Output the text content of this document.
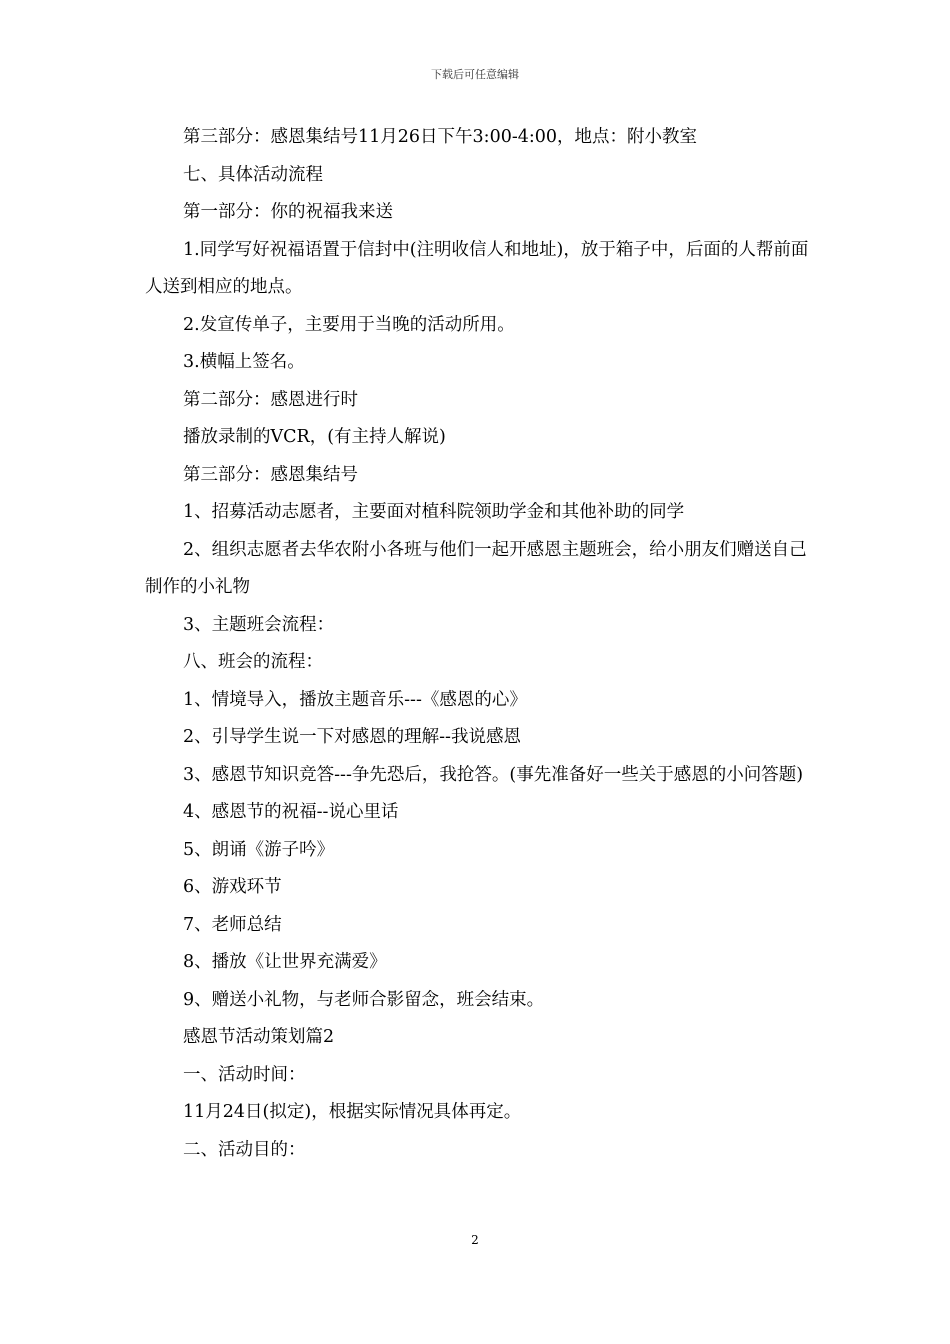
下载后可任意编辑

第三部分：感恩集结号11月26日下午3:00-4:00，地点：附小教室

七、具体活动流程

第一部分：你的祝福我来送

1.同学写好祝福语置于信封中(注明收信人和地址)，放于箱子中，后面的人帮前面人送到相应的地点。

2.发宣传单子，主要用于当晚的活动所用。

3.横幅上签名。

第二部分：感恩进行时

播放录制的VCR，(有主持人解说)

第三部分：感恩集结号

1、招募活动志愿者，主要面对植科院领助学金和其他补助的同学

2、组织志愿者去华农附小各班与他们一起开感恩主题班会，给小朋友们赠送自己制作的小礼物

3、主题班会流程：

八、班会的流程：

1、情境导入，播放主题音乐---《感恩的心》

2、引导学生说一下对感恩的理解--我说感恩

3、感恩节知识竞答---争先恐后，我抢答。(事先准备好一些关于感恩的小问答题)

4、感恩节的祝福--说心里话

5、朗诵《游子吟》

6、游戏环节

7、老师总结

8、播放《让世界充满爱》

9、赠送小礼物，与老师合影留念，班会结束。

感恩节活动策划篇2

一、活动时间：

11月24日(拟定)，根据实际情况具体再定。

二、活动目的：

2
